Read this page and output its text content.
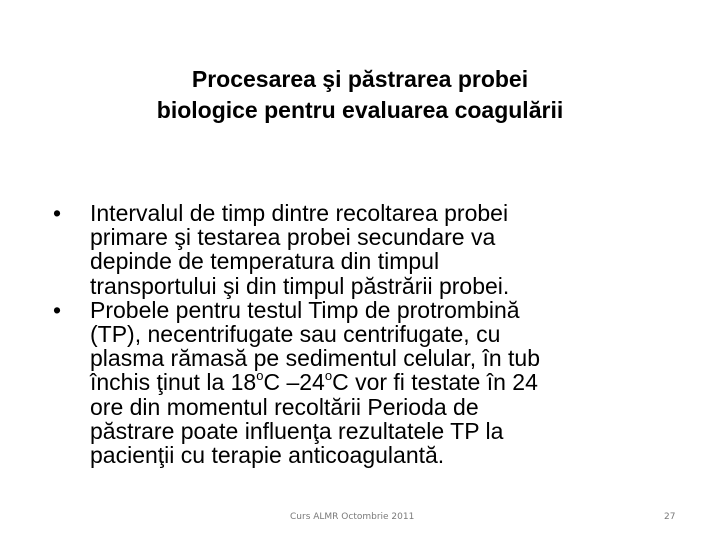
Procesarea şi păstrarea probei
biologice pentru evaluarea coagulării
•	Intervalul de timp dintre recoltarea probei
primare şi testarea probei secundare va
depinde de temperatura din timpul
transportului şi din timpul păstrării probei.
•	Probele pentru testul Timp de protrombină
(TP), necentrifugate sau centrifugate, cu
plasma rămasă pe sedimentul celular, în tub
închis ţinut la 18$^o$C –24$^o$C vor fi testate în 24
ore din momentul recoltării Perioda de
păstrare poate influenţa rezultatele TP la
pacienţii cu terapie anticoagulantă.
Curs ALMR Octombrie 2011	27
